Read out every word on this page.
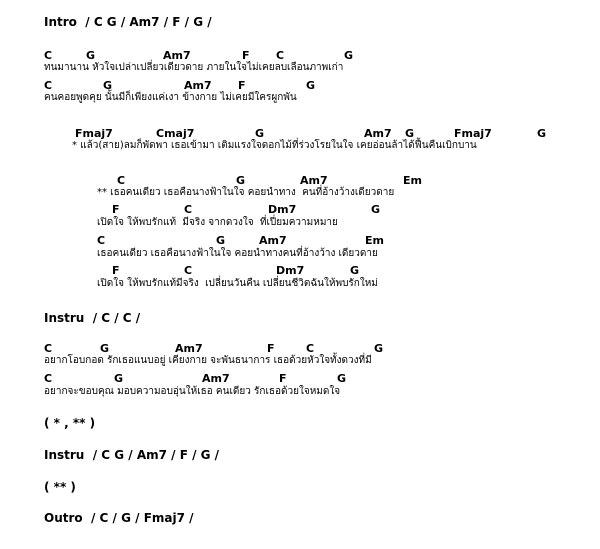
Intro  / C G / Am7 / F / G /
C	G	Am7	F C	G
ทนมานาน หัวใจเปล่าเปลี่ยวเดียวดาย ภายในใจไม่เคยลบเลือนภาพเก่า
C	G	Am7 F	G
คนคอยพูดคุย นั้นมีก็เพียงแค่เงา ข้างกาย ไม่เคยมีใครผูกพัน
Fmaj7	Cmaj7	G	Am7 G	Fmaj7	G
* แล้ว(สาย)ลมก็พัดพา เธอเข้ามา เติมแรงใจดอกไม้ที่ร่วงโรยในใจ เคยอ่อนล้าได้ฟื้นคืนเบิกบาน
C	G	Am7	Em
** เธอคนเดียว เธอคือนางฟ้าในใจ คอยนำทาง  คนที่อ้างว้างเดียวดาย
F	C	Dm7	G
เปิดใจ ให้พบรักแท้  มีจริง จากดวงใจ  ที่เปี่ยมความหมาย
C	G	Am7	Em
เธอคนเดียว เธอคือนางฟ้าในใจ คอยนำทางคนที่อ้างว้าง เดียวดาย
F	C	Dm7	G
เปิดใจ ให้พบรักแท้มีจริง  เปลี่ยนวันคืน เปลี่ยนชีวิตฉันให้พบรักใหม่
Instru  / C / C /
C	G	Am7	F	C	G
อยากโอบกอด รักเธอแนบอยู่ เคียงกาย จะพันธนาการ เธอด้วยหัวใจทั้งดวงที่มี
C	G	Am7	F	G
อยากจะขอบคุณ มอบความอบอุ่นให้เธอ คนเดียว รักเธอด้วยใจหมดใจ
( * , ** )
Instru  / C G / Am7 / F / G /
( ** )
Outro  / C / G / Fmaj7 /
